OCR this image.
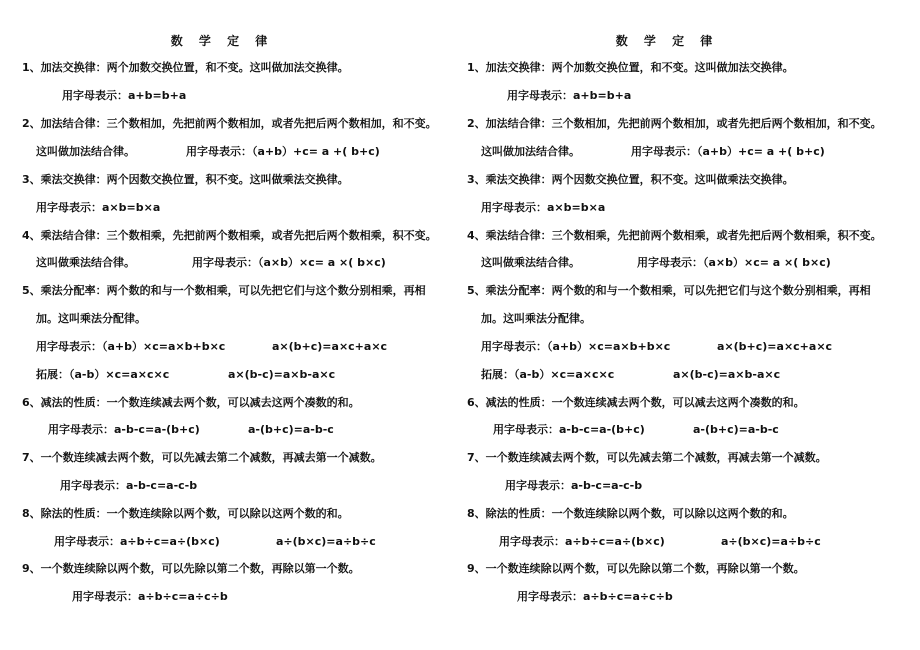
数 学 定 律
1、加法交换律：两个加数交换位置，和不变。这叫做加法交换律。
用字母表示：a+b=b+a
2、加法结合律：三个数相加，先把前两个数相加，或者先把后两个数相加，和不变。
这叫做加法结合律。	用字母表示：（a+b）+c= a +( b+c)
3、乘法交换律：两个因数交换位置，积不变。这叫做乘法交换律。
用字母表示：a×b=b×a
4、乘法结合律：三个数相乘，先把前两个数相乘，或者先把后两个数相乘，积不变。
这叫做乘法结合律。	用字母表示：（a×b）×c= a ×( b×c)
5、乘法分配率：两个数的和与一个数相乘，可以先把它们与这个数分别相乘，再相
加。这叫乘法分配律。
用字母表示：（a+b）×c=a×b+b×c	a×(b+c)=a×c+a×c
拓展：（a-b）×c=a×c×c	a×(b-c)=a×b-a×c
6、减法的性质：一个数连续减去两个数，可以减去这两个凑数的和。
用字母表示：a-b-c=a-(b+c)	a-(b+c)=a-b-c
7、一个数连续减去两个数，可以先减去第二个减数，再减去第一个减数。
用字母表示：a-b-c=a-c-b
8、除法的性质：一个数连续除以两个数，可以除以这两个数的和。
用字母表示：a÷b÷c=a÷(b×c)	a÷(b×c)=a÷b÷c
9、一个数连续除以两个数，可以先除以第二个数，再除以第一个数。
用字母表示：a÷b÷c=a÷c÷b
数 学 定 律
1、加法交换律：两个加数交换位置，和不变。这叫做加法交换律。
用字母表示：a+b=b+a
2、加法结合律：三个数相加，先把前两个数相加，或者先把后两个数相加，和不变。
这叫做加法结合律。	用字母表示：（a+b）+c= a +( b+c)
3、乘法交换律：两个因数交换位置，积不变。这叫做乘法交换律。
用字母表示：a×b=b×a
4、乘法结合律：三个数相乘，先把前两个数相乘，或者先把后两个数相乘，积不变。
这叫做乘法结合律。	用字母表示：（a×b）×c= a ×( b×c)
5、乘法分配率：两个数的和与一个数相乘，可以先把它们与这个数分别相乘，再相
加。这叫乘法分配律。
用字母表示：（a+b）×c=a×b+b×c	a×(b+c)=a×c+a×c
拓展：（a-b）×c=a×c×c	a×(b-c)=a×b-a×c
6、减法的性质：一个数连续减去两个数，可以减去这两个凑数的和。
用字母表示：a-b-c=a-(b+c)	a-(b+c)=a-b-c
7、一个数连续减去两个数，可以先减去第二个减数，再减去第一个减数。
用字母表示：a-b-c=a-c-b
8、除法的性质：一个数连续除以两个数，可以除以这两个数的和。
用字母表示：a÷b÷c=a÷(b×c)	a÷(b×c)=a÷b÷c
9、一个数连续除以两个数，可以先除以第二个数，再除以第一个数。
用字母表示：a÷b÷c=a÷c÷b
